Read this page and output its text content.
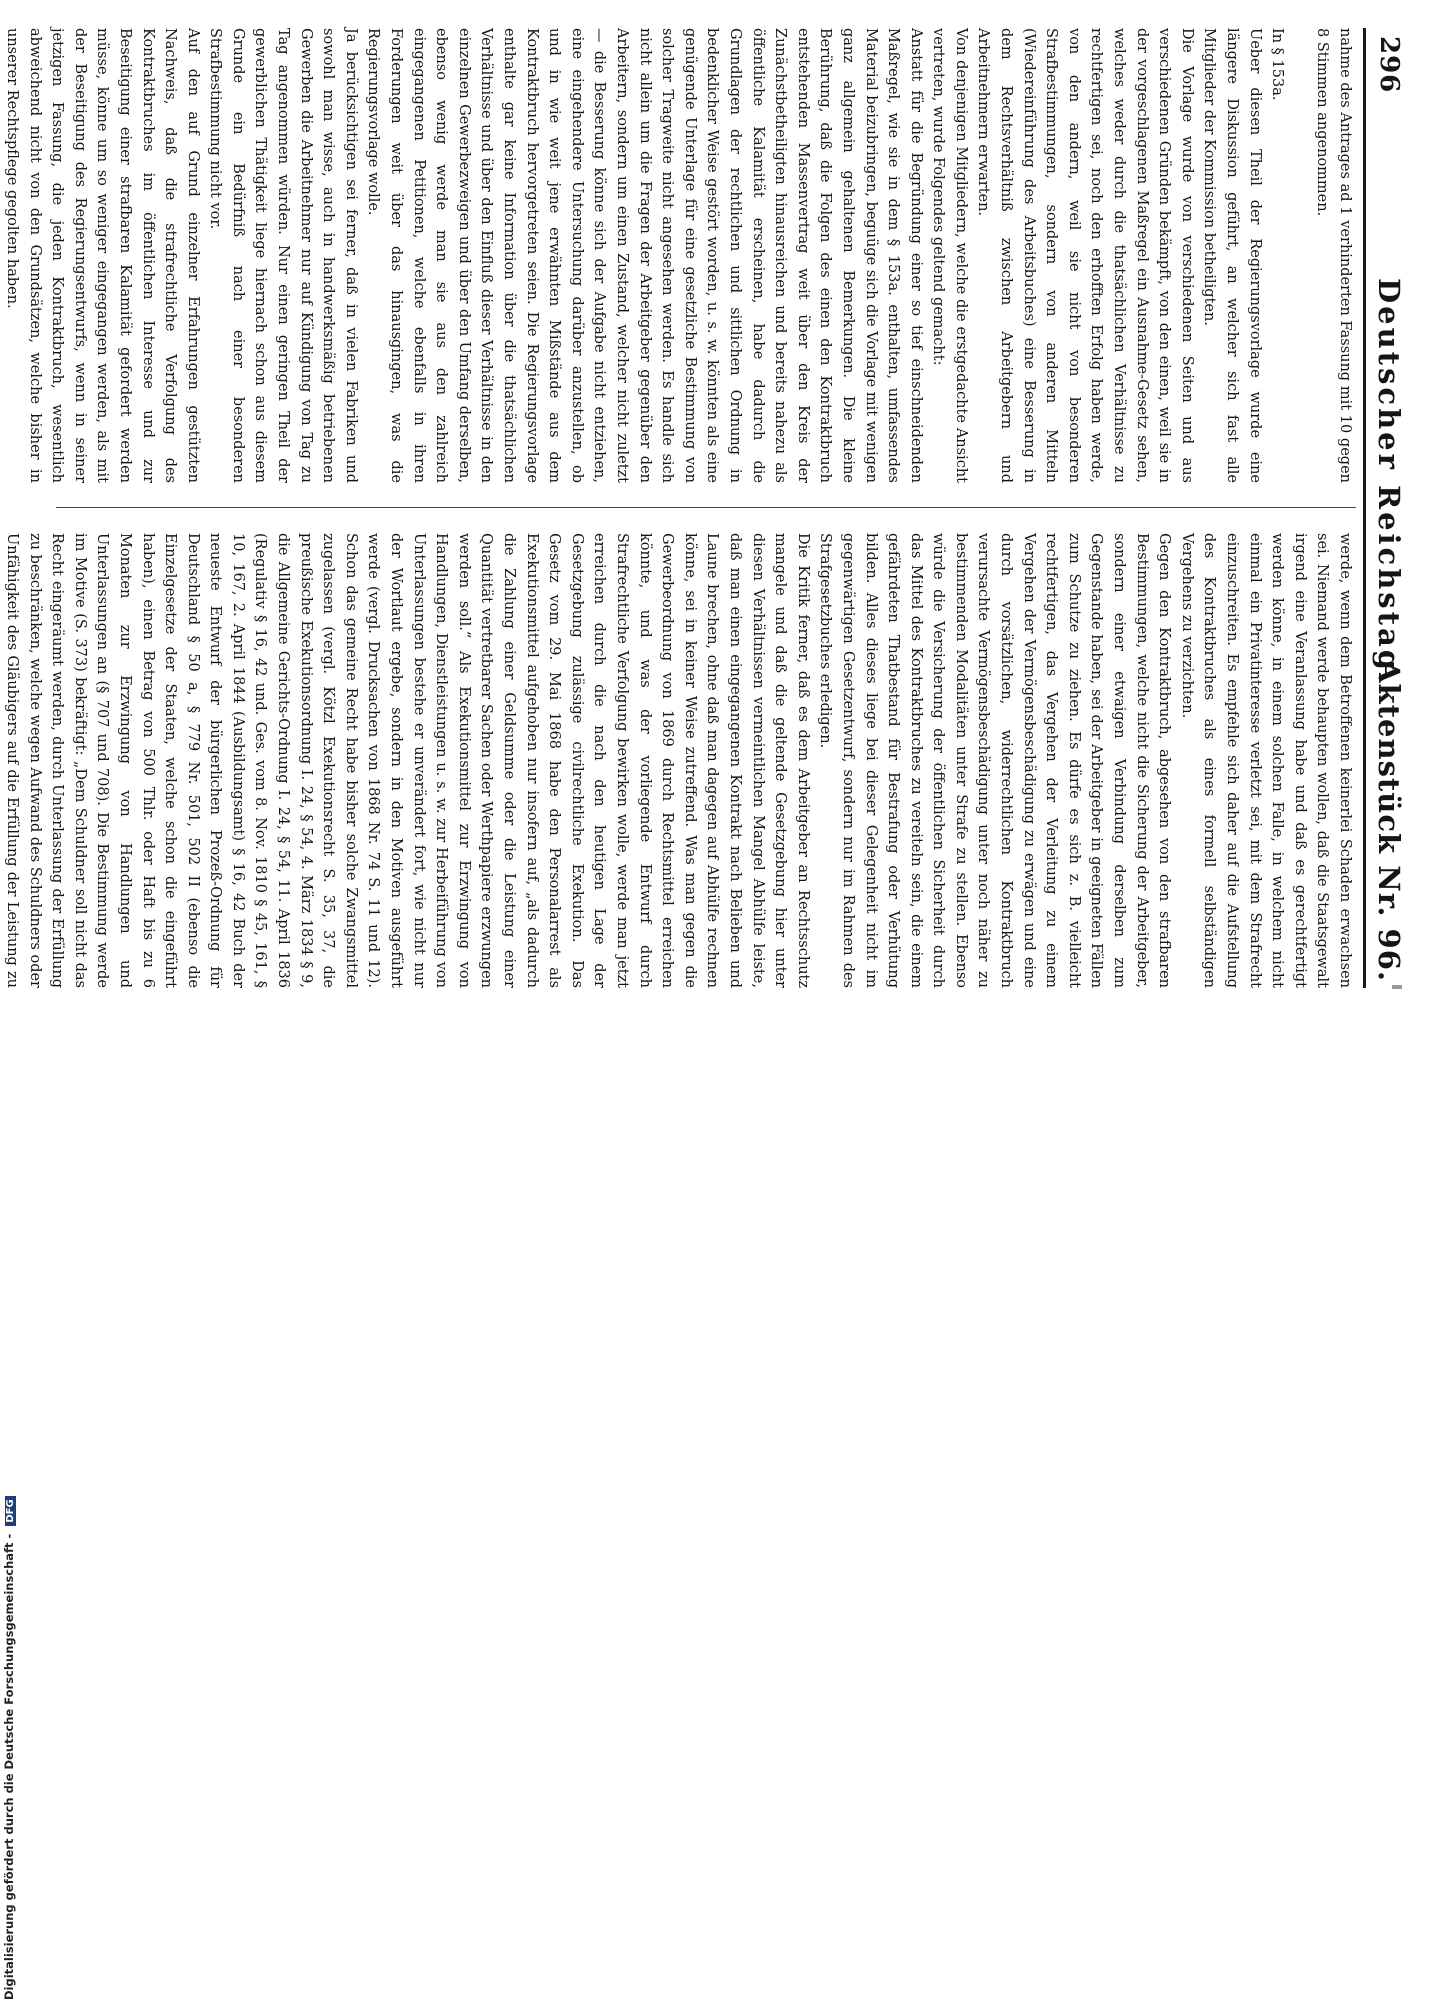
296
Deutscher Reichstag.
Aktenstück Nr. 96.
nahme des Antrages ad 1 verhinderten Fassung mit 10 gegen 8 Stimmen angenommen.

In § 153a.
Ueber diesen Theil der Regierungsvorlage wurde eine längere Diskussion geführt, an welcher sich fast alle Mitglieder der Kommission betheiligten.
Die Vorlage wurde von verschiedenen Seiten und aus verschiedenen Gründen bekämpft, von den einen, weil sie in der vorgeschlagenen Maßregel ein Ausnahme-Gesetz sehen, welches weder durch die thatsächlichen Verhältnisse zu rechtfertigen sei, noch den erhofften Erfolg haben werde, von den andern, weil sie nicht von besonderen Strafbestimmungen, sondern von anderen Mitteln (Wiedereinführung des Arbeitsbuches) eine Besserung in dem Rechtsverhältniß zwischen Arbeitgebern und Arbeitnehmern erwarten.
Von denjenigen Mitgliedern, welche die erstgedachte Ansicht vertreten, wurde Folgendes geltend gemacht:
Anstatt für die Begründung einer so tief einschneidenden Maßregel, wie sie in dem § 153a. enthalten, umfassendes Material beizubringen, beguüge sich die Vorlage mit wenigen ganz allgemein gehaltenen Bemerkungen. Die kleine Berührung, daß die Folgen des einen den Kontraktbruch entstehenden Massenvertrag weit über den Kreis der Zunächstbetheiligten hinausreichen und bereits nahezu als öffentliche Kalamität erscheinen, habe dadurch die Grundlagen der rechtlichen und sittlichen Ordnung in bedenklicher Weise gestört worden, u. s. w. könnten als eine genügende Unterlage für eine gesetzliche Bestimmung von solcher Tragweite nicht angesehen werden. Es handle sich nicht allein um die Fragen der Arbeitgeber gegenüber den Arbeitern, sondern um einen Zustand, welcher nicht zuletzt — die Besserung könne sich der Aufgabe nicht entziehen, eine eingehendere Untersuchung darüber anzustellen, ob und in wie weit jene erwähnten Mißstände aus dem Kontraktbruch hervorgetreten seien. Die Regierungsvorlage enthalte gar keine Information über die thatsächlichen Verhältnisse und über den Einfluß dieser Verhältnisse in den einzelnen Gewerbezweigen und über den Umfang derselben, ebenso wenig werde man sie aus den zahlreich eingegangenen Petitionen, welche ebenfalls in ihren Forderungen weit über das hinausgingen, was die Regierungsvorlage wolle.
Ja berücksichtigen sei ferner, daß in vielen Fabriken und sowohl man wisse, auch in handwerksmäßig betriebenen Gewerben die Arbeitnehmer nur auf Kündigung von Tag zu Tag angenommen würden. Nur einen geringen Theil der gewerblichen Thätigkeit liege hiernach schon aus diesem Grunde ein Bedürfniß nach einer besonderen Strafbestimmung nicht vor.
Auf den auf Grund einzelner Erfahrungen gestützten Nachweis, daß die strafrechtliche Verfolgung des Kontraktbruches im öffentlichen Interesse und zur Beseitigung einer strafbaren Kalamität gefordert werden müsse, könne um so weniger eingegangen werden, als mit der Beseitigung des Regierungsentwurfs, wenn in seiner jetzigen Fassung, die jeden Kontraktbruch, wesentlich abweichend nicht von den Grundsätzen, welche bisher in unserer Rechtspflege gegolten haben.

werde, wenn dem Betroffenen keinerlei Schaden erwachsen sei. Niemand werde behaupten wollen, daß die Staatsgewalt irgend eine Veranlassung habe und daß es gerechtfertigt werden könne, in einem solchen Falle, in welchem nicht einmal ein Privatinteresse verletzt sei, mit dem Strafrecht einzuschreiten. Es empfehle sich daher auf die Aufstellung des Kontraktbruches als eines formell selbständigen Vergehens zu verzichten.
Gegen den Kontraktbruch, abgesehen von den strafbaren Bestimmungen, welche nicht die Sicherung der Arbeitgeber, sondern einer etwaigen Verbindung derselben zum Gegenstande haben, sei der Arbeitgeber in geeigneten Fällen zum Schutze zu ziehen. Es dürfe es sich z. B. vielleicht rechtfertigen, das Vergehen der Verleitung zu einem Vergehen der Vermögensbeschädigung zu erwägen und eine durch vorsätzlichen, widerrechtlichen Kontraktbruch verursachte Vermögensbeschädigung unter noch näher zu bestimmenden Modalitäten unter Strafe zu stellen. Ebenso würde die Versicherung der öffentlichen Sicherheit durch das Mittel des Kontraktbruches zu vereiteln sein, die einem gefährdeten Thatbestand für Bestrafung oder Verhütung bilden. Alles dieses liege bei dieser Gelegenheit nicht im gegenwärtigen Gesetzentwurf, sondern nur im Rahmen des Strafgesetzbuches erledigen.
Die Kritik ferner, daß es dem Arbeitgeber an Rechtsschutz mangele und daß die geltende Gesetzgebung hier unter diesen Verhältnissen vermeintlichen Mangel Abhülfe leiste, daß man einen eingegangenen Kontrakt nach Belieben und Laune brechen, ohne daß man dagegen auf Abhülfe rechnen könne, sei in keiner Weise zutreffend. Was man gegen die Gewerbeordnung von 1869 durch Rechtsmittel erreichen könnte, und was der vorliegende Entwurf durch Strafrechtliche Verfolgung bewirken wolle, werde man jetzt erreichen durch die nach den heutigen Lage der Gesetzgebung zulässige civilrechtliche Exekution. Das Gesetz vom 29. Mai 1868 habe den Personalarrest als Exekutionsmittel aufgehoben nur insofern auf, „als dadurch die Zahlung einer Geldsumme oder die Leistung einer Quantität vertretbarer Sachen oder Werthpapiere erzwungen werden soll.“ Als Exekutionsmittel zur Erzwingung von Handlungen, Dienstleistungen u. s. w. zur Herbeiführung von Unterlassungen bestehe er unverändert fort, wie nicht nur der Wortlaut ergebe, sondern in den Motiven ausgeführt werde (vergl. Drucksachen von 1868 Nr. 74 S. 11 und 12). Schon das gemeine Recht habe bisher solche Zwangsmittel zugelassen (vergl. Kötzl Exekutionsrecht S. 35, 37, die preußische Exekutionsordnung I. 24, § 54, 4. März 1834 § 9, die Allgemeine Gerichts-Ordnung I. 24, § 54, 11. April 1836 (Regulativ § 16, 42 und. Ges. vom 8. Nov. 1810 § 45, 161, § 10, 167, 2. April 1844 (Ausbildungsamt) § 16, 42 Buch der neueste Entwurf der bürgerlichen Prozeß-Ordnung für Deutschland § 50 a, § 779 Nr. 501, 502 II (ebenso die Einzelgesetze der Staaten, welche schon die eingeführt haben), einen Betrag von 500 Thlr. oder Haft bis zu 6 Monaten zur Erzwingung von Handlungen und Unterlassungen an (§ 707 und 708). Die Bestimmung werde im Motive (S. 373) bekräftigt: „Dem Schuldner soll nicht das Recht eingeräumt werden, durch Unterlassung der Erfüllung zu beschränken, welche wegen Aufwand des Schuldners oder Unfähigkeit des Gläubigers auf die Erfüllung der Leistung zu

Digitalisierung gefördert durch die Deutsche Forschungsgemeinschaft - DFG
